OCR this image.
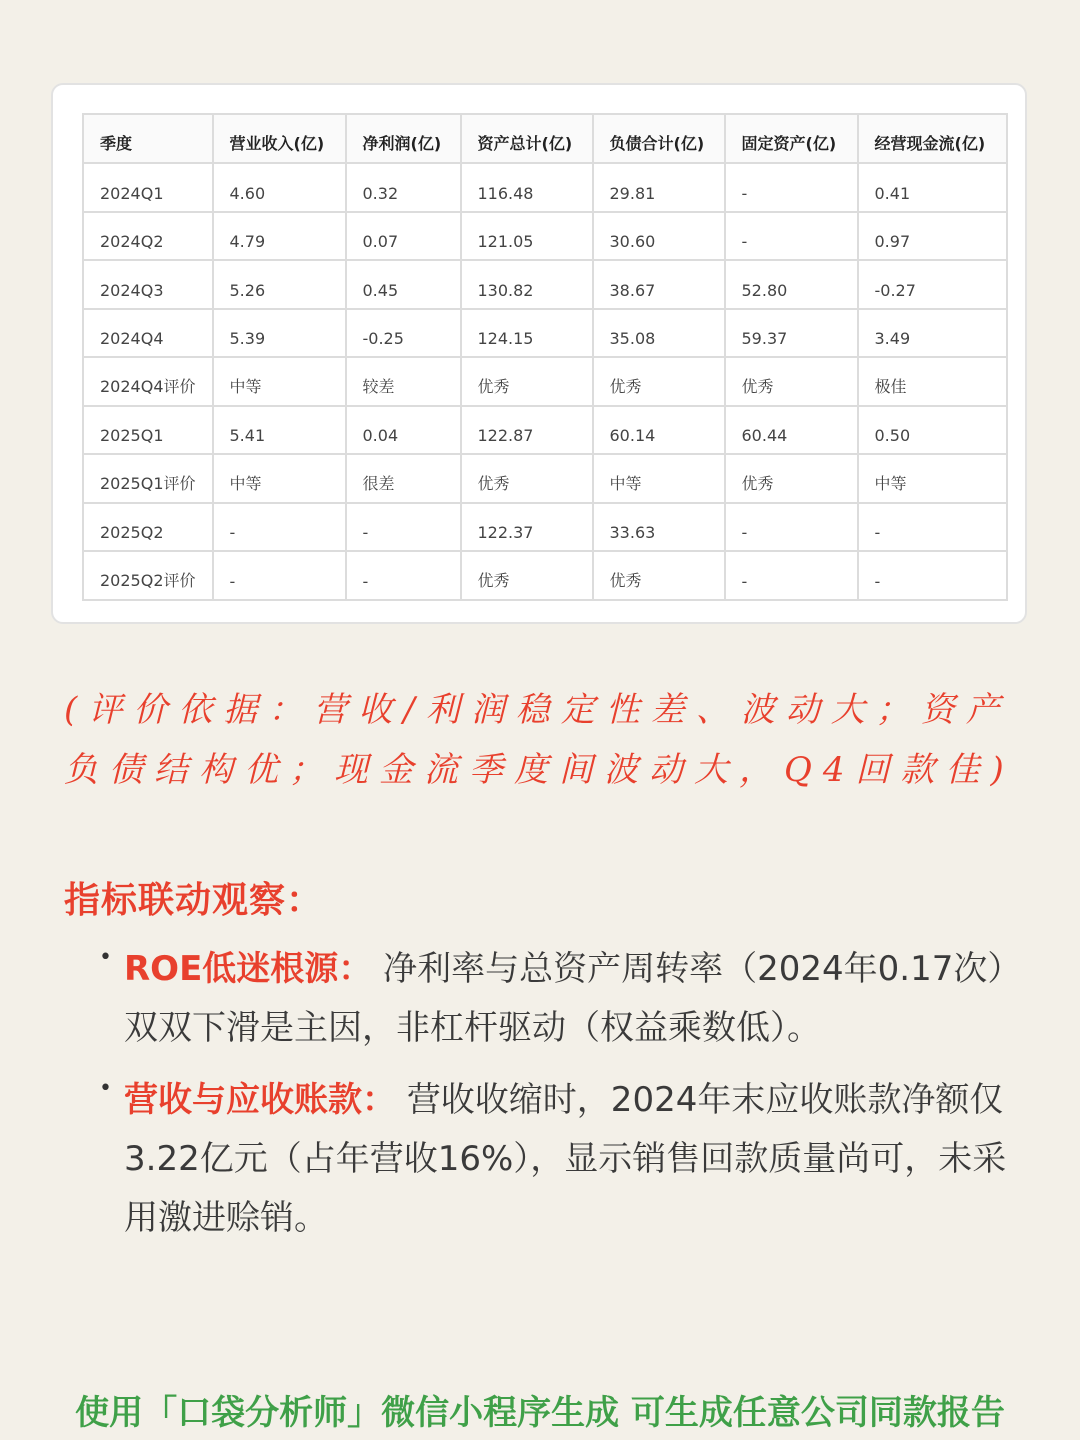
季度	营业收入(亿)	净利润(亿)	资产总计(亿)	负债合计(亿)	固定资产(亿)	经营现金流(亿)
2024Q1	4.60	0.32	116.48	29.81	-	0.41
2024Q2	4.79	0.07	121.05	30.60	-	0.97
2024Q3	5.26	0.45	130.82	38.67	52.80	-0.27
2024Q4	5.39	-0.25	124.15	35.08	59.37	3.49
2024Q4评价	中等	较差	优秀	优秀	优秀	极佳
2025Q1	5.41	0.04	122.87	60.14	60.44	0.50
2025Q1评价	中等	很差	优秀	中等	优秀	中等
2025Q2	-	-	122.37	33.63	-	-
2025Q2评价	-	-	优秀	优秀	-	-
(评价依据：营收/利润稳定性差、波动大；资产负债结构优；现金流季度间波动大，Q4回款佳)
指标联动观察：
• ROE低迷根源： 净利率与总资产周转率（2024年0.17次）双双下滑是主因，非杠杆驱动（权益乘数低）。
• 营收与应收账款： 营收收缩时，2024年末应收账款净额仅3.22亿元（占年营收16%），显示销售回款质量尚可，未采用激进赊销。
使用「口袋分析师」微信小程序生成 可生成任意公司同款报告
